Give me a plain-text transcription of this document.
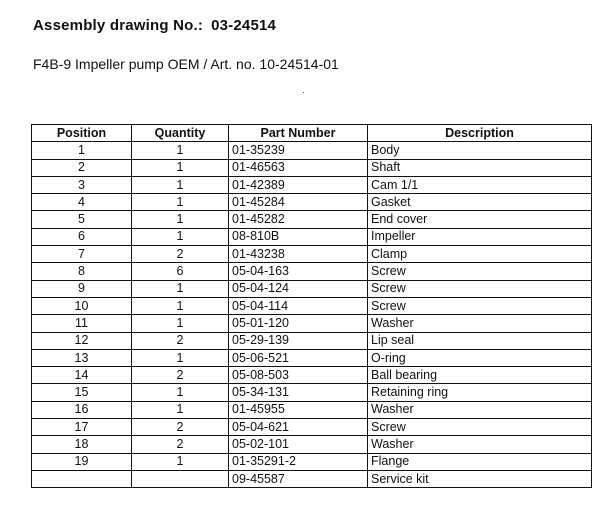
Assembly drawing No.: 03-24514
F4B-9 Impeller pump OEM / Art. no. 10-24514-01
Position	Quantity	Part Number	Description
1	1	01-35239	Body
2	1	01-46563	Shaft
3	1	01-42389	Cam 1/1
4	1	01-45284	Gasket
5	1	01-45282	End cover
6	1	08-810B	Impeller
7	2	01-43238	Clamp
8	6	05-04-163	Screw
9	1	05-04-124	Screw
10	1	05-04-114	Screw
11	1	05-01-120	Washer
12	2	05-29-139	Lip seal
13	1	05-06-521	O-ring
14	2	05-08-503	Ball bearing
15	1	05-34-131	Retaining ring
16	1	01-45955	Washer
17	2	05-04-621	Screw
18	2	05-02-101	Washer
19	1	01-35291-2	Flange
		09-45587	Service kit
